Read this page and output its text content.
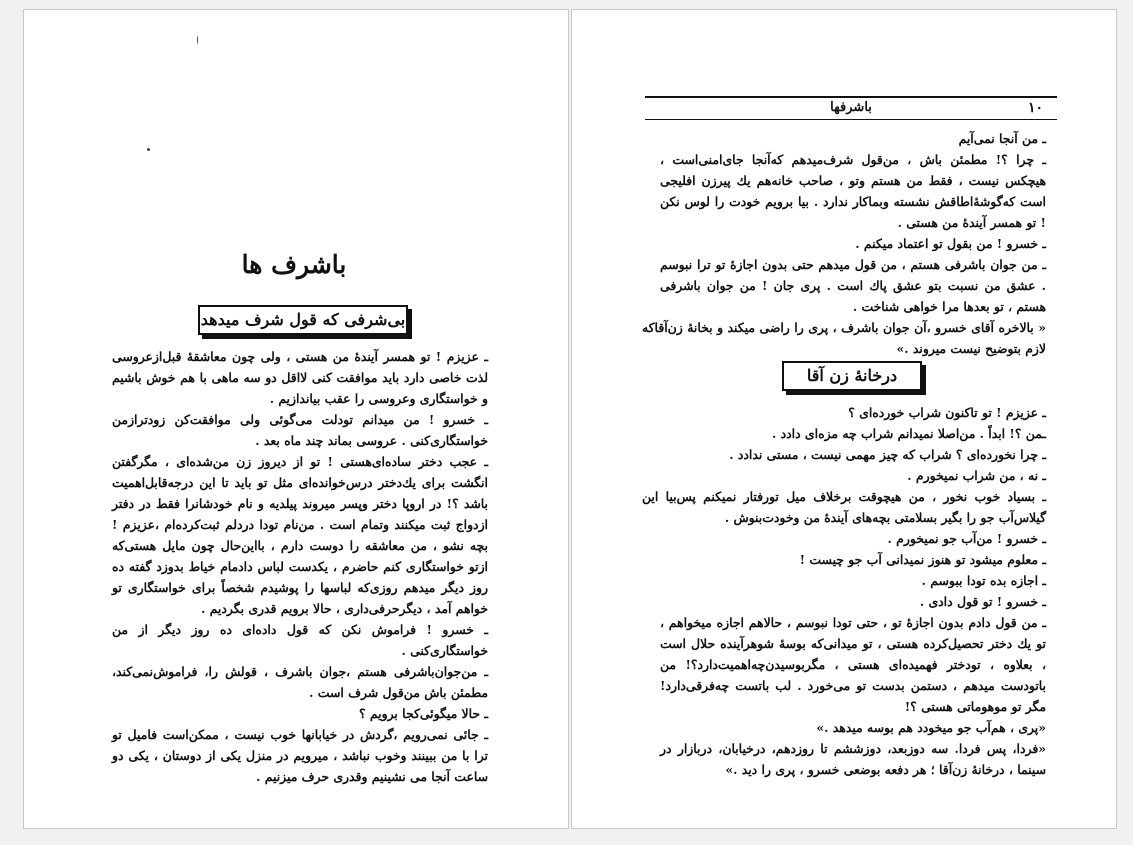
باشرف ها
بی‌شرفی که قول شرف میدهد
ـ عزیزم ! تو همسر آیندهٔ من هستی ، ولی چون معاشقهٔ قبل‌ازعروسی لذت خاصی دارد باید موافقت کنی لااقل دو سه ماهی با هم خوش باشیم و خواستگاری وعروسی را عقب بیاندازیم .
ـ خسرو ! من میدانم تودلت می‌گوئی ولی موافقت‌کن زودترازمن خواستگاری‌کنی . عروسی بماند چند ماه بعد .
ـ عجب دختر ساده‌ای‌هستی ! تو از دیروز زن من‌شده‌ای ، مگرگفتن انگشت برای یك‌دختر درس‌خوانده‌ای مثل تو باید تا این درجه‌قابل‌اهمیت باشد ؟! در اروپا دختر وپسر میروند پیلدیه و نام خودشانرا فقط در دفتر ازدواج ثبت میکنند وتمام است . من‌نام تودا دردلم ثبت‌کرده‌ام ،عزیزم ! بچه نشو ، من معاشقه را دوست دارم ، بااین‌حال چون مایل هستی‌که ازتو خواستگاری کنم حاضرم ، یکدست لباس دادمام خیاط بدوزد گفته ده روز دیگر میدهم روزی‌که لباسها را پوشیدم شخصاً برای خواستگاری تو خواهم آمد ، دیگرحرفی‌داری ، حالا برویم قدری بگردیم .
ـ خسرو ! فراموش نکن که قول داده‌ای ده روز دیگر از من خواستگاری‌کنی .
ـ من‌جوان‌باشرفی هستم ،جوان باشرف ، قولش را، فراموش‌نمی‌کند، مطمئن باش من‌قول شرف است .
ـ حالا میگوئی‌کجا برویم ؟
ـ جائی نمی‌رویم ،گردش در خیابانها خوب نیست ، ممکن‌است فامیل تو ترا با من ببینند وخوب نباشد ، میرویم در منزل یکی از دوستان ، یکی دو ساعت آنجا می نشینیم وقدری حرف میزنیم .
۱۰
باشرفها
ـ من آنجا نمی‌آیم
ـ چرا ؟! مطمئن باش ، من‌قول شرف‌میدهم که‌آنجا جای‌امنی‌است ، هیچکس نیست ، فقط من هستم وتو ، صاحب خانه‌هم یك پیرزن افلیجی است که‌گوشهٔ‌اطاقش نشسته وبماکار ندارد . بیا برویم خودت را لوس نکن ! تو همسر آیندهٔ من هستی .
ـ خسرو ! من بقول تو اعتماد میکنم .
ـ من جوان باشرفی هستم ، من قول میدهم حتی بدون اجازهٔ تو ترا نبوسم . عشق من نسبت بتو عشق پاك است . پری جان ! من جوان باشرفی هستم ، تو بعدها مرا خواهی شناخت .
« بالاخره آقای خسرو ،آن جوان باشرف ، پری را راضی میکند و بخانهٔ زن‌آقاکه لازم بتوضیح نیست میروند .»
درخانهٔ زن آقا
ـ عزیزم ! تو تاکنون شراب خورده‌ای ؟
ـمن ؟! ابداً . من‌اصلا نمیدانم شراب چه مزه‌ای دادد .
ـ چرا نخورده‌ای ؟ شراب که چیز مهمی نیست ، مستی ندادد .
ـ نه ، من شراب نمیخورم .
ـ بسیاد خوب نخور ، من هیچوقت برخلاف میل تورفتار نمیکنم پس‌بیا این گیلاس‌آب جو را بگیر بسلامتی بچه‌های آیندهٔ من وخودت‌بنوش .
ـ خسرو ! من‌آب جو نمیخورم .
ـ معلوم میشود تو هنوز نمیدانی آب جو چیست !
ـ اجازه بده تودا ببوسم .
ـ خسرو ! تو قول دادی .
ـ من قول دادم بدون اجازهٔ تو ، حتی تودا نبوسم ، حالاهم اجازه میخواهم ، تو یك دختر تحصیل‌کرده هستی ، تو میدانی‌که بوسهٔ شوهر‌آینده حلال است ، بعلاوه ، تودختر فهمیده‌ای هستی ، مگر‌بوسیدن‌چه‌اهمیت‌دارد؟! من باتودست میدهم ، دستمن بدست تو می‌خورد . لب باتست چه‌فرقی‌دارد! مگر تو موهوماتی هستی ؟!
«پری ، هم‌آب جو میخودد هم بوسه میدهد .»
«فردا، پس فردا. سه دوزبعد، دوزششم تا روزدهم، درخیابان، دربازار در سینما ، درخانهٔ زن‌آقا ؛ هر دفعه بوضعی خسرو ، پری را دید .»
